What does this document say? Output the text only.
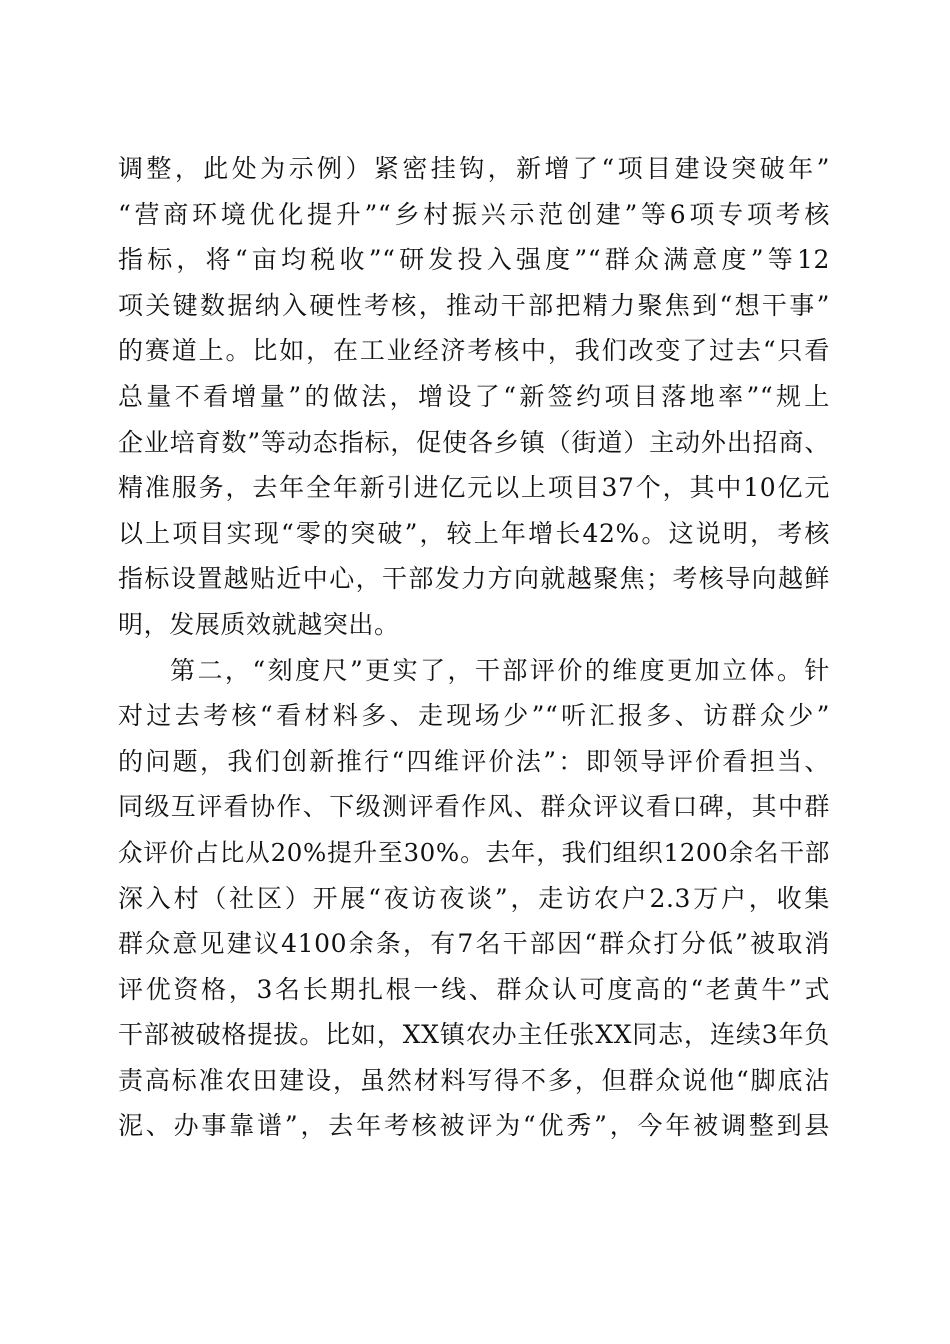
调整，此处为示例）紧密挂钩，新增了“项目建设突破年”
“营商环境优化提升”“乡村振兴示范创建”等6项专项考核
指标，将“亩均税收”“研发投入强度”“群众满意度”等12
项关键数据纳入硬性考核，推动干部把精力聚焦到“想干事”
的赛道上。比如，在工业经济考核中，我们改变了过去“只看
总量不看增量”的做法，增设了“新签约项目落地率”“规上
企业培育数”等动态指标，促使各乡镇（街道）主动外出招商、
精准服务，去年全年新引进亿元以上项目37个，其中10亿元
以上项目实现“零的突破”，较上年增长42%。这说明，考核
指标设置越贴近中心，干部发力方向就越聚焦；考核导向越鲜
明，发展质效就越突出。
第二，“刻度尺”更实了，干部评价的维度更加立体。针
对过去考核“看材料多、走现场少”“听汇报多、访群众少”
的问题，我们创新推行“四维评价法”：即领导评价看担当、
同级互评看协作、下级测评看作风、群众评议看口碑，其中群
众评价占比从20%提升至30%。去年，我们组织1200余名干部
深入村（社区）开展“夜访夜谈”，走访农户2.3万户，收集
群众意见建议4100余条，有7名干部因“群众打分低”被取消
评优资格，3名长期扎根一线、群众认可度高的“老黄牛”式
干部被破格提拔。比如，XX镇农办主任张XX同志，连续3年负
责高标准农田建设，虽然材料写得不多，但群众说他“脚底沾
泥、办事靠谱”，去年考核被评为“优秀”，今年被调整到县
